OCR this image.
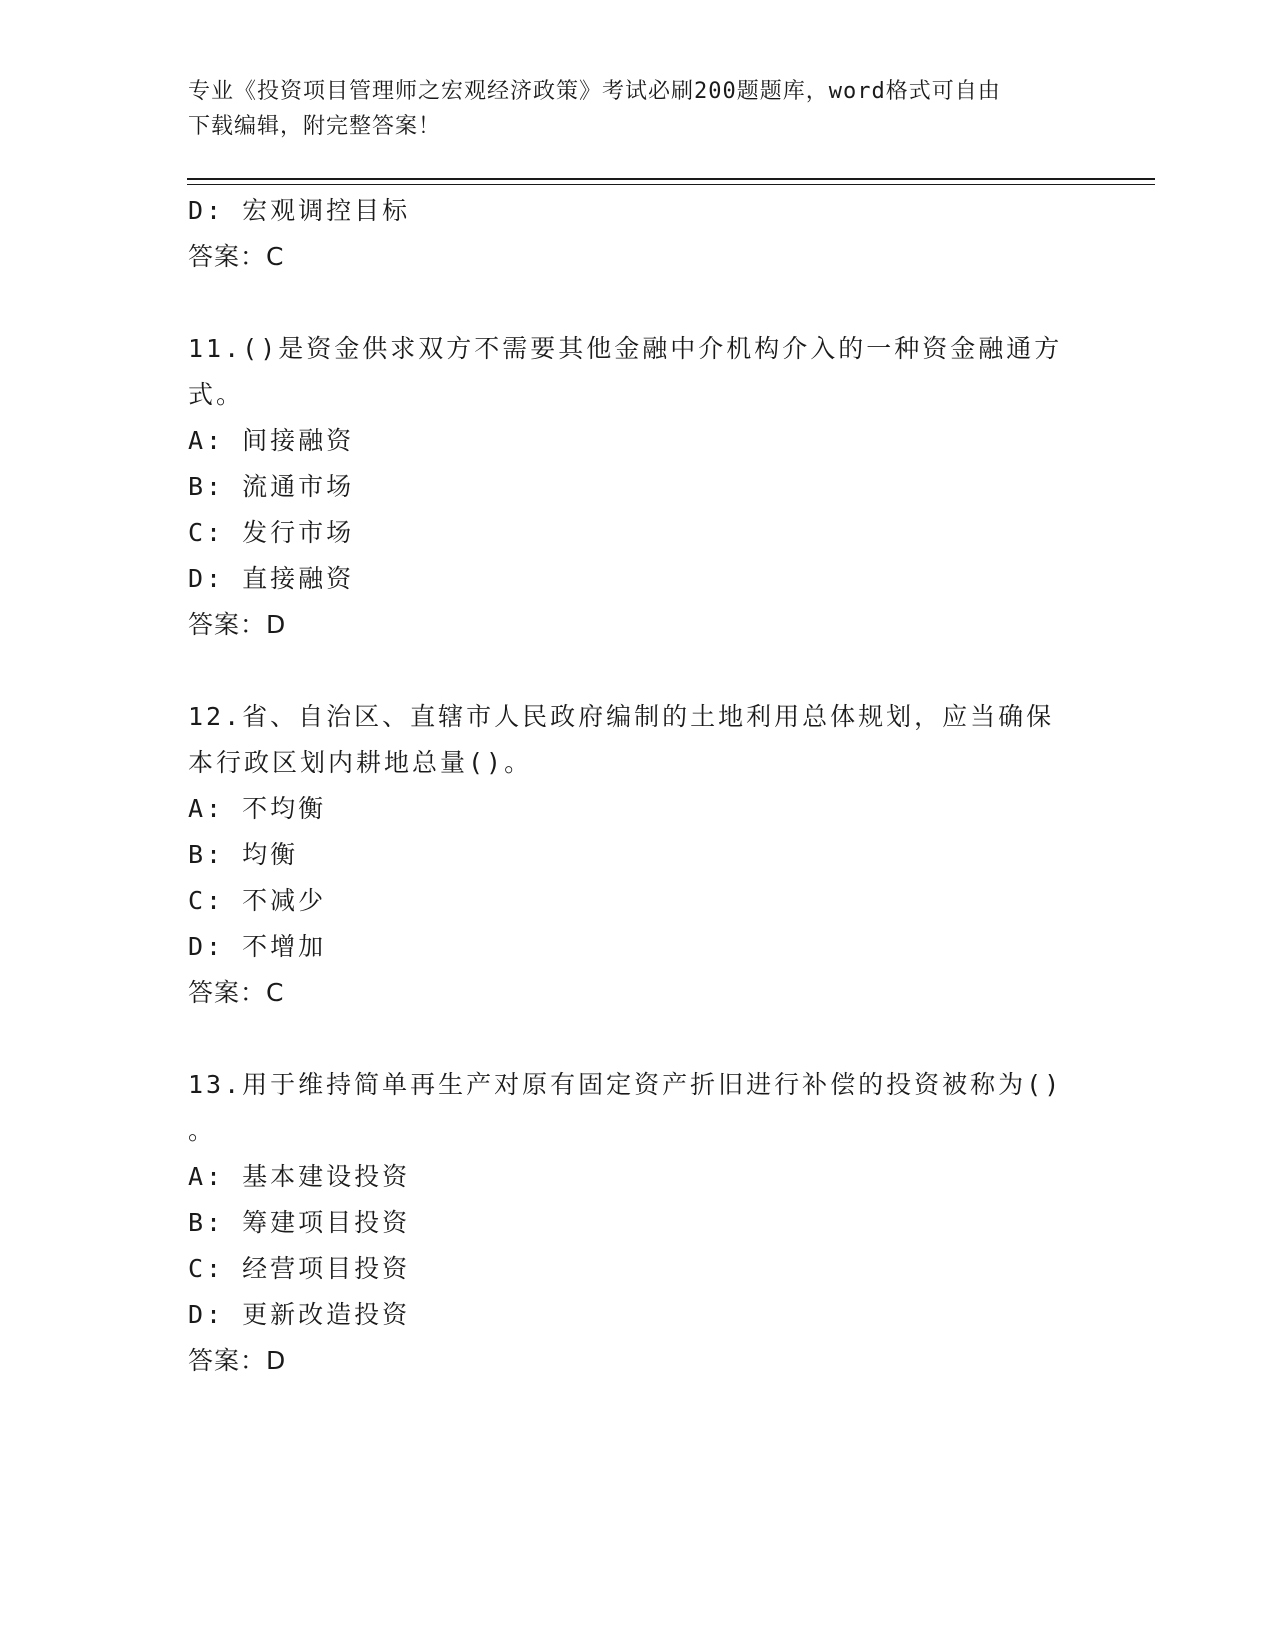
专业《投资项目管理师之宏观经济政策》考试必刷200题题库，word格式可自由
下载编辑，附完整答案！
D: 宏观调控目标
答案：C
11.()是资金供求双方不需要其他金融中介机构介入的一种资金融通方
式。
A: 间接融资
B: 流通市场
C: 发行市场
D: 直接融资
答案：D
12.省、自治区、直辖市人民政府编制的土地利用总体规划，应当确保
本行政区划内耕地总量()。
A: 不均衡
B: 均衡
C: 不减少
D: 不增加
答案：C
13.用于维持简单再生产对原有固定资产折旧进行补偿的投资被称为()
。
A: 基本建设投资
B: 筹建项目投资
C: 经营项目投资
D: 更新改造投资
答案：D
